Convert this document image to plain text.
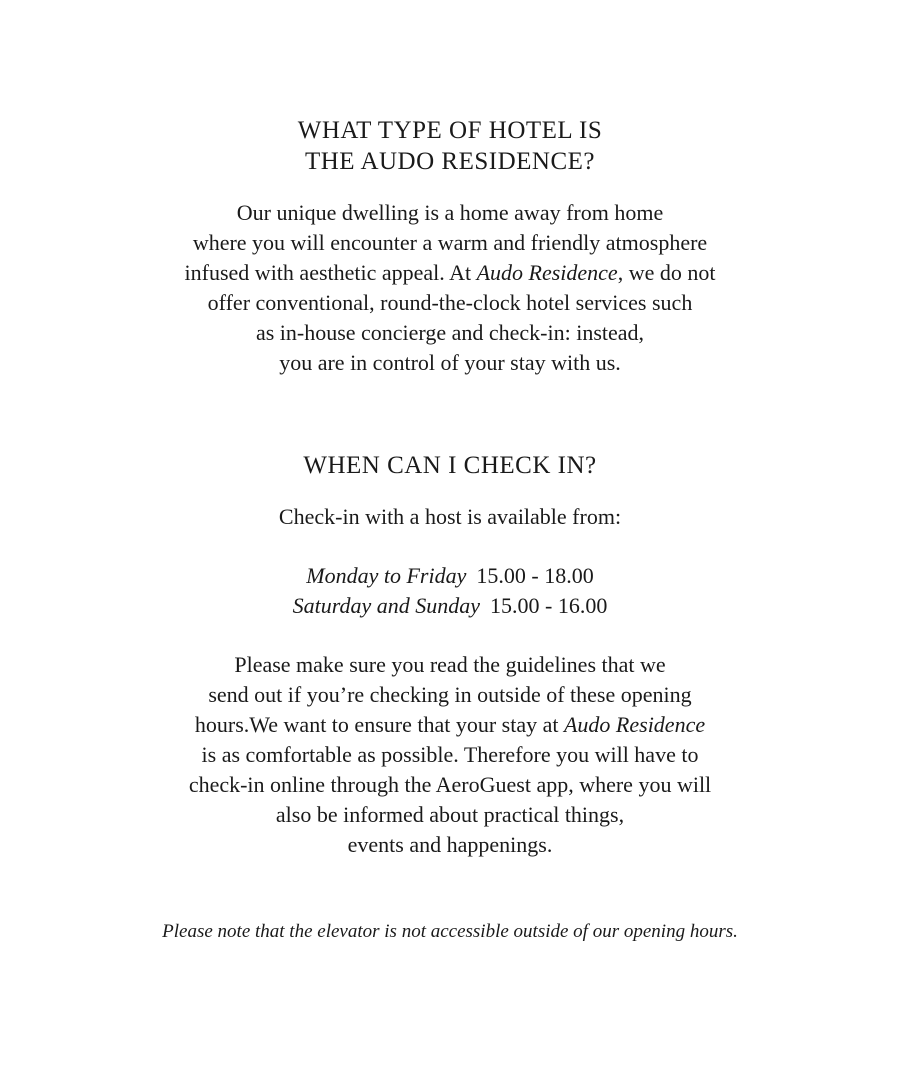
WHAT TYPE OF HOTEL IS
THE AUDO RESIDENCE?

Our unique dwelling is a home away from home
where you will encounter a warm and friendly atmosphere
infused with aesthetic appeal. At Audo Residence, we do not
offer conventional, round-the-clock hotel services such
as in-house concierge and check-in: instead,
you are in control of your stay with us.

WHEN CAN I CHECK IN?

Check-in with a host is available from:

Monday to Friday 15.00 - 18.00
Saturday and Sunday 15.00 - 16.00

Please make sure you read the guidelines that we
send out if you’re checking in outside of these opening
hours.We want to ensure that your stay at Audo Residence
is as comfortable as possible. Therefore you will have to
check-in online through the AeroGuest app, where you will
also be informed about practical things,
events and happenings.

Please note that the elevator is not accessible outside of our opening hours.
